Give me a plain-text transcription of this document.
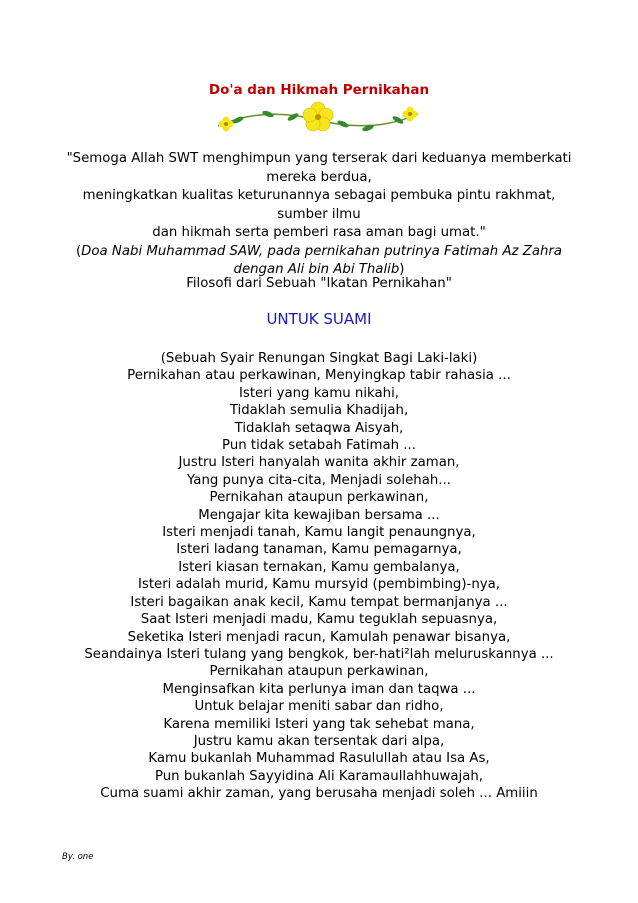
Do'a dan Hikmah Pernikahan
"Semoga Allah SWT menghimpun yang terserak dari keduanya memberkati
mereka berdua,
meningkatkan kualitas keturunannya sebagai pembuka pintu rakhmat,
sumber ilmu
dan hikmah serta pemberi rasa aman bagi umat."
(Doa Nabi Muhammad SAW, pada pernikahan putrinya Fatimah Az Zahra
dengan Ali bin Abi Thalib)
Filosofi dari Sebuah "Ikatan Pernikahan"
UNTUK SUAMI
(Sebuah Syair Renungan Singkat Bagi Laki-laki)
Pernikahan atau perkawinan, Menyingkap tabir rahasia ...
Isteri yang kamu nikahi,
Tidaklah semulia Khadijah,
Tidaklah setaqwa Aisyah,
Pun tidak setabah Fatimah ...
Justru Isteri hanyalah wanita akhir zaman,
Yang punya cita-cita, Menjadi solehah...
Pernikahan ataupun perkawinan,
Mengajar kita kewajiban bersama ...
Isteri menjadi tanah, Kamu langit penaungnya,
Isteri ladang tanaman, Kamu pemagarnya,
Isteri kiasan ternakan, Kamu gembalanya,
Isteri adalah murid, Kamu mursyid (pembimbing)-nya,
Isteri bagaikan anak kecil, Kamu tempat bermanjanya ...
Saat Isteri menjadi madu, Kamu teguklah sepuasnya,
Seketika Isteri menjadi racun, Kamulah penawar bisanya,
Seandainya Isteri tulang yang bengkok, ber-hati²lah meluruskannya ...
Pernikahan ataupun perkawinan,
Menginsafkan kita perlunya iman dan taqwa ...
Untuk belajar meniti sabar dan ridho,
Karena memiliki Isteri yang tak sehebat mana,
Justru kamu akan tersentak dari alpa,
Kamu bukanlah Muhammad Rasulullah atau Isa As,
Pun bukanlah Sayyidina Ali Karamaullahhuwajah,
Cuma suami akhir zaman, yang berusaha menjadi soleh ... Amiiin
By. one
